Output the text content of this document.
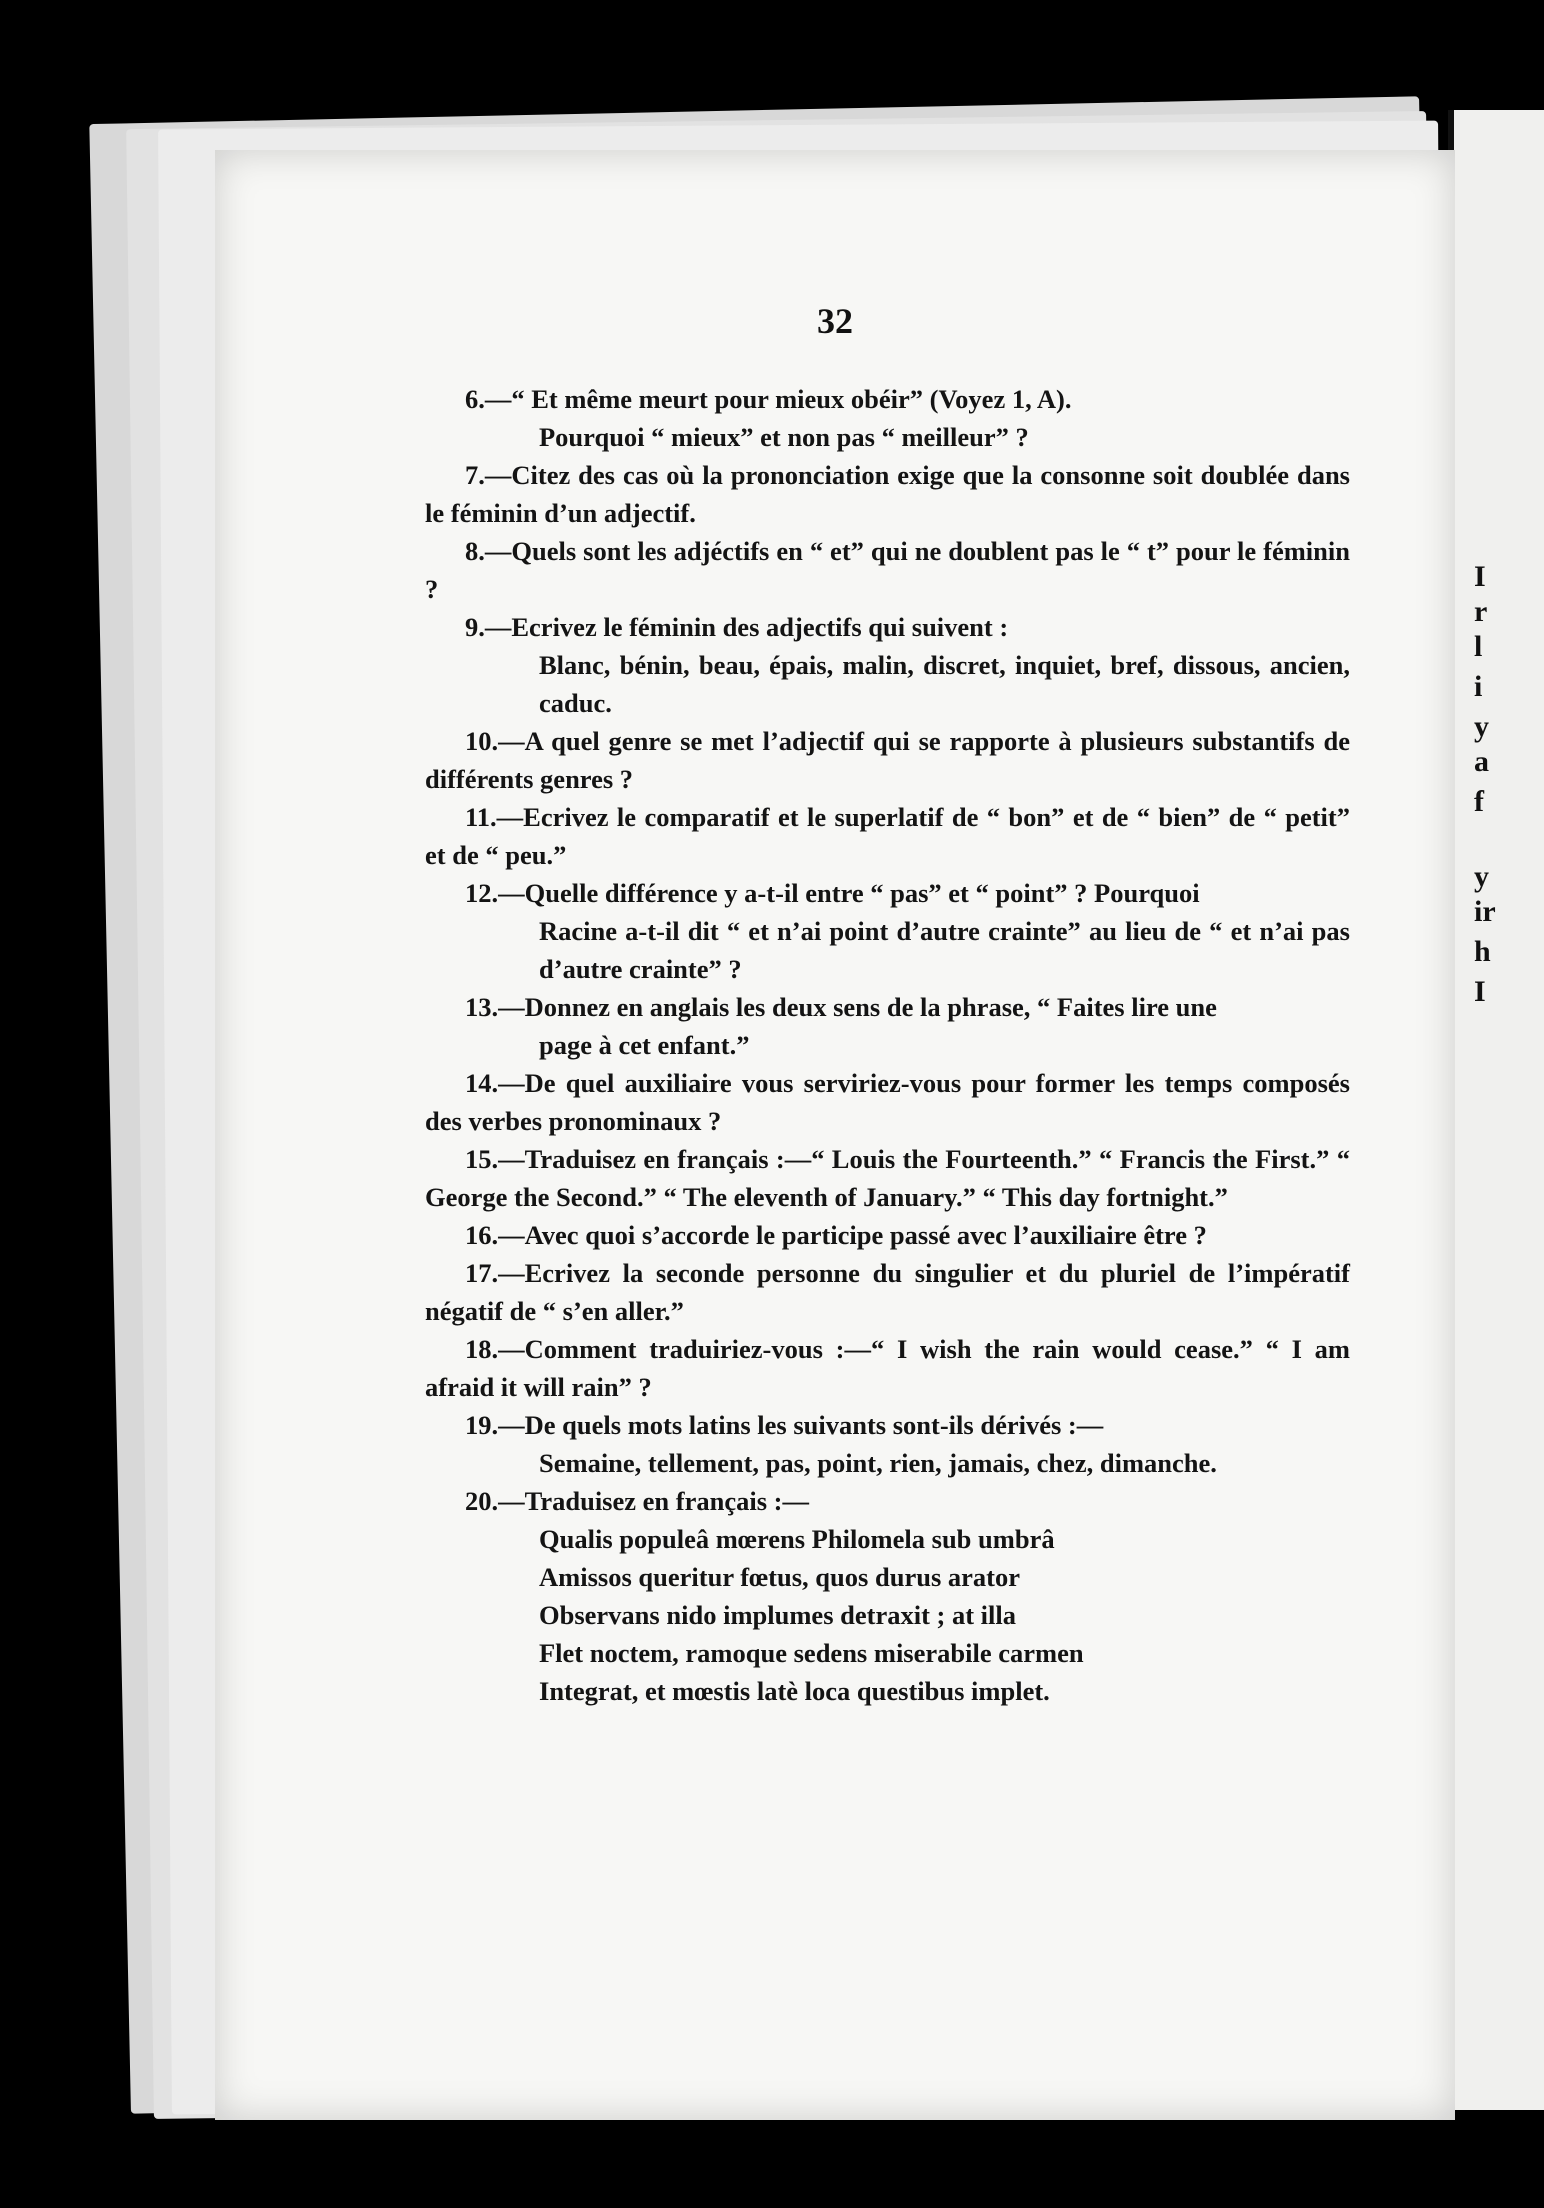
I
r
l
i
y
a
f
y
ir
h
I
32
6.—“ Et même meurt pour mieux obéir” (Voyez 1, A).
Pourquoi “ mieux” et non pas “ meilleur” ?
7.—Citez des cas où la prononciation exige que la consonne soit doublée dans le féminin d’un adjectif.
8.—Quels sont les adjéctifs en “ et” qui ne doublent pas le “ t” pour le féminin ?
9.—Ecrivez le féminin des adjectifs qui suivent :
Blanc, bénin, beau, épais, malin, discret, inquiet, bref, dissous, ancien, caduc.
10.—A quel genre se met l’adjectif qui se rapporte à plusieurs substantifs de différents genres ?
11.—Ecrivez le comparatif et le superlatif de “ bon” et de “ bien” de “ petit” et de “ peu.”
12.—Quelle différence y a-t-il entre “ pas” et “ point” ? Pourquoi
Racine a-t-il dit “ et n’ai point d’autre crainte” au lieu de “ et n’ai pas d’autre crainte” ?
13.—Donnez en anglais les deux sens de la phrase, “ Faites lire une
page à cet enfant.”
14.—De quel auxiliaire vous serviriez-vous pour former les temps composés des verbes pronominaux ?
15.—Traduisez en français :—“ Louis the Fourteenth.” “ Francis the First.” “ George the Second.” “ The eleventh of January.” “ This day fortnight.”
16.—Avec quoi s’accorde le participe passé avec l’auxiliaire être ?
17.—Ecrivez la seconde personne du singulier et du pluriel de l’impératif négatif de “ s’en aller.”
18.—Comment traduiriez-vous :—“ I wish the rain would cease.” “ I am afraid it will rain” ?
19.—De quels mots latins les suivants sont-ils dérivés :—
Semaine, tellement, pas, point, rien, jamais, chez, dimanche.
20.—Traduisez en français :—
Qualis populeâ mœrens Philomela sub umbrâ
Amissos queritur fœtus, quos durus arator
Observans nido implumes detraxit ; at illa
Flet noctem, ramoque sedens miserabile carmen
Integrat, et mœstis latè loca questibus implet.
